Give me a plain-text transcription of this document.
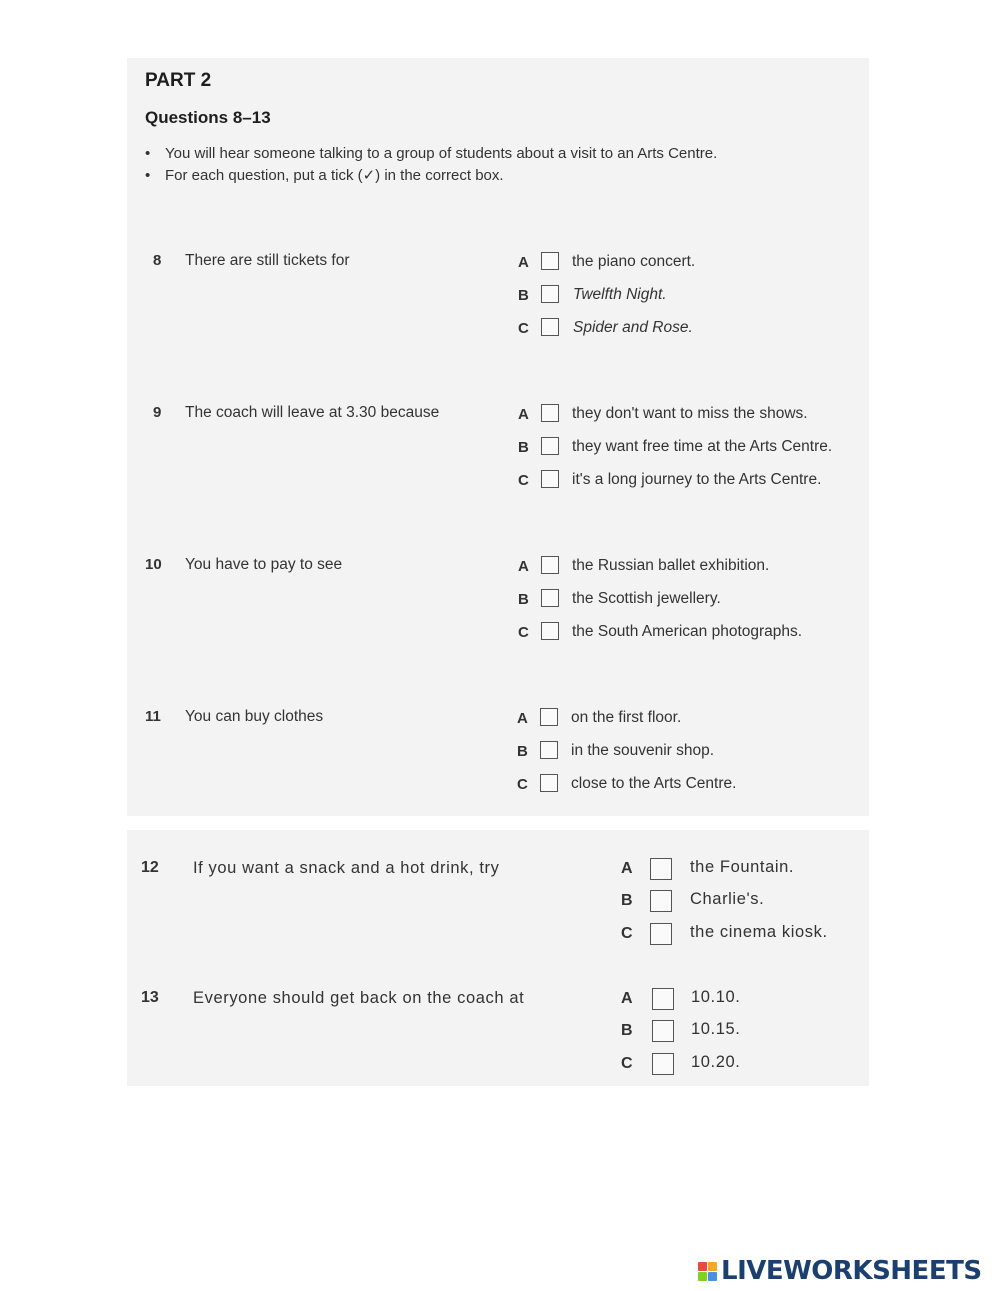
PART 2
Questions 8–13
• You will hear someone talking to a group of students about a visit to an Arts Centre.
• For each question, put a tick (✓) in the correct box.
8 There are still tickets for	A	the piano concert.
B	Twelfth Night.
C	Spider and Rose.
9 The coach will leave at 3.30 because	A	they don't want to miss the shows.
B	they want free time at the Arts Centre.
C	it's a long journey to the Arts Centre.
10 You have to pay to see	A	the Russian ballet exhibition.
B	the Scottish jewellery.
C	the South American photographs.
11 You can buy clothes	A	on the first floor.
B	in the souvenir shop.
C	close to the Arts Centre.
12 If you want a snack and a hot drink, try	A	the Fountain.
B	Charlie's.
C	the cinema kiosk.
13 Everyone should get back on the coach at	A	10.10.
B	10.15.
C	10.20.
LIVEWORKSHEETS
